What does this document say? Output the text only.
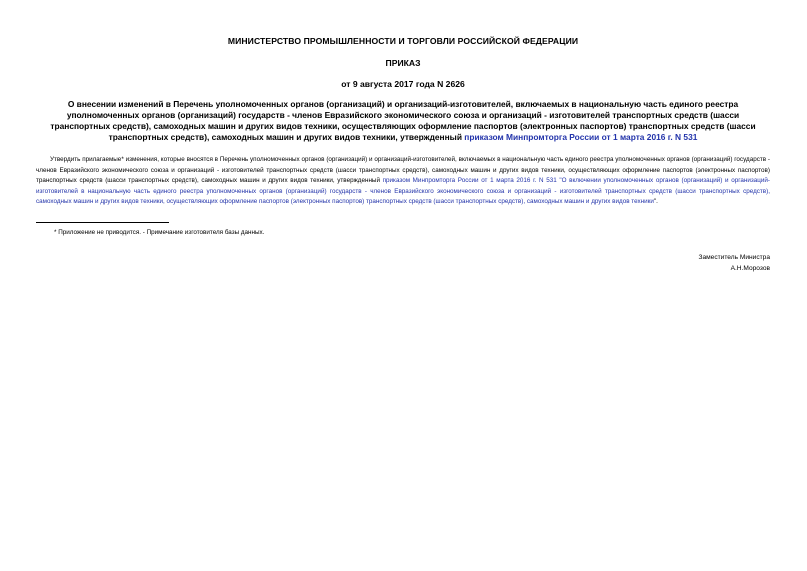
МИНИСТЕРСТВО ПРОМЫШЛЕННОСТИ И ТОРГОВЛИ РОССИЙСКОЙ ФЕДЕРАЦИИ
ПРИКАЗ
от 9 августа 2017 года N 2626
О внесении изменений в Перечень уполномоченных органов (организаций) и организаций-изготовителей, включаемых в национальную часть единого реестра уполномоченных органов (организаций) государств - членов Евразийского экономического союза и организаций - изготовителей транспортных средств (шасси транспортных средств), самоходных машин и других видов техники, осуществляющих оформление паспортов (электронных паспортов) транспортных средств (шасси транспортных средств), самоходных машин и других видов техники, утвержденный приказом Минпромторга России от 1 марта 2016 г. N 531
Утвердить прилагаемые* изменения, которые вносятся в Перечень уполномоченных органов (организаций) и организаций-изготовителей, включаемых в национальную часть единого реестра уполномоченных органов (организаций) государств - членов Евразийского экономического союза и организаций - изготовителей транспортных средств (шасси транспортных средств), самоходных машин и других видов техники, осуществляющих оформление паспортов (электронных паспортов) транспортных средств (шасси транспортных средств), самоходных машин и других видов техники, утвержденный приказом Минпромторга России от 1 марта 2016 г. N 531 "О включении уполномоченных органов (организаций) и организаций-изготовителей в национальную часть единого реестра уполномоченных органов (организаций) государств - членов Евразийского экономического союза и организаций - изготовителей транспортных средств (шасси транспортных средств), самоходных машин и других видов техники, осуществляющих оформление паспортов (электронных паспортов) транспортных средств (шасси транспортных средств), самоходных машин и других видов техники".
* Приложение не приводится. - Примечание изготовителя базы данных.
Заместитель Министра
А.Н.Морозов
